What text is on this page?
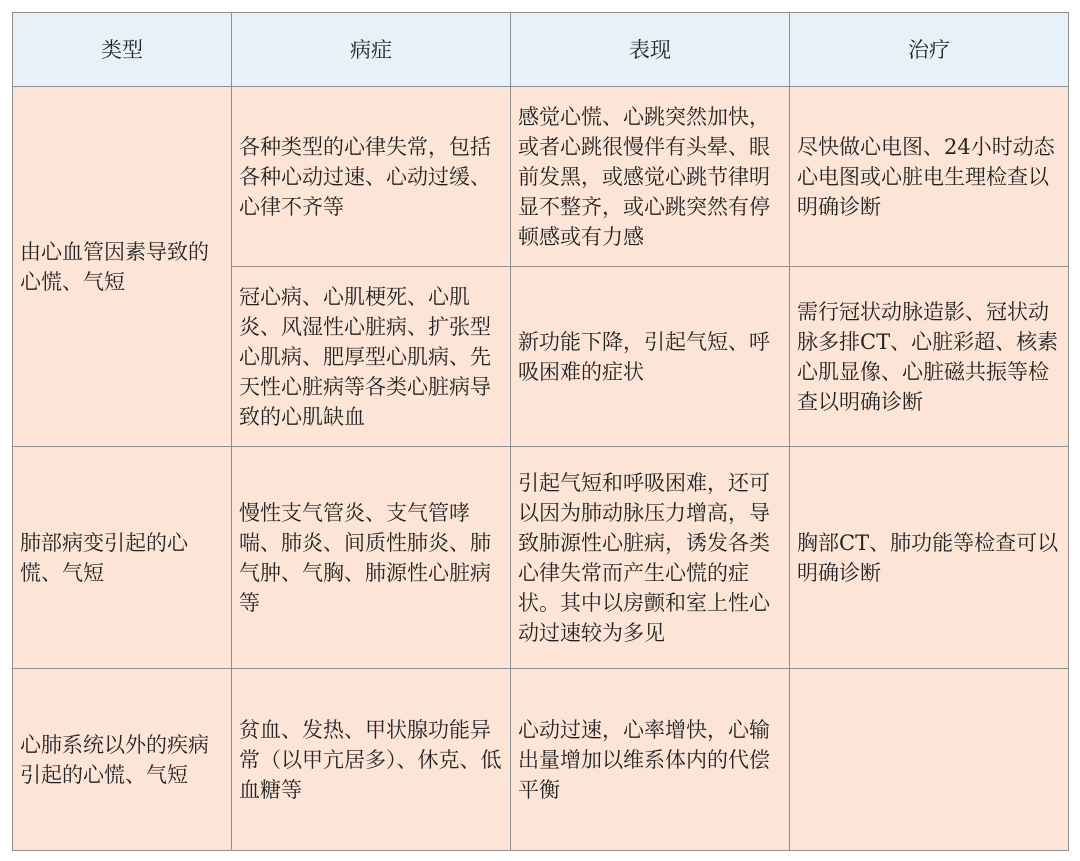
类型	病症	表现	治疗

由心血管因素导致的心慌、气短	各种类型的心律失常，包括各种心动过速、心动过缓、心律不齐等	感觉心慌、心跳突然加快，或者心跳很慢伴有头晕、眼前发黑，或感觉心跳节律明显不整齐，或心跳突然有停顿感或有力感	尽快做心电图、24小时动态心电图或心脏电生理检查以明确诊断

	冠心病、心肌梗死、心肌炎、风湿性心脏病、扩张型心肌病、肥厚型心肌病、先天性心脏病等各类心脏病导致的心肌缺血	新功能下降，引起气短、呼吸困难的症状	需行冠状动脉造影、冠状动脉多排CT、心脏彩超、核素心肌显像、心脏磁共振等检查以明确诊断

肺部病变引起的心慌、气短	慢性支气管炎、支气管哮喘、肺炎、间质性肺炎、肺气肿、气胸、肺源性心脏病等	引起气短和呼吸困难，还可以因为肺动脉压力增高，导致肺源性心脏病，诱发各类心律失常而产生心慌的症状。其中以房颤和室上性心动过速较为多见	胸部CT、肺功能等检查可以明确诊断

心肺系统以外的疾病引起的心慌、气短	贫血、发热、甲状腺功能异常（以甲亢居多）、休克、低血糖等	心动过速，心率增快，心输出量增加以维系体内的代偿平衡	
